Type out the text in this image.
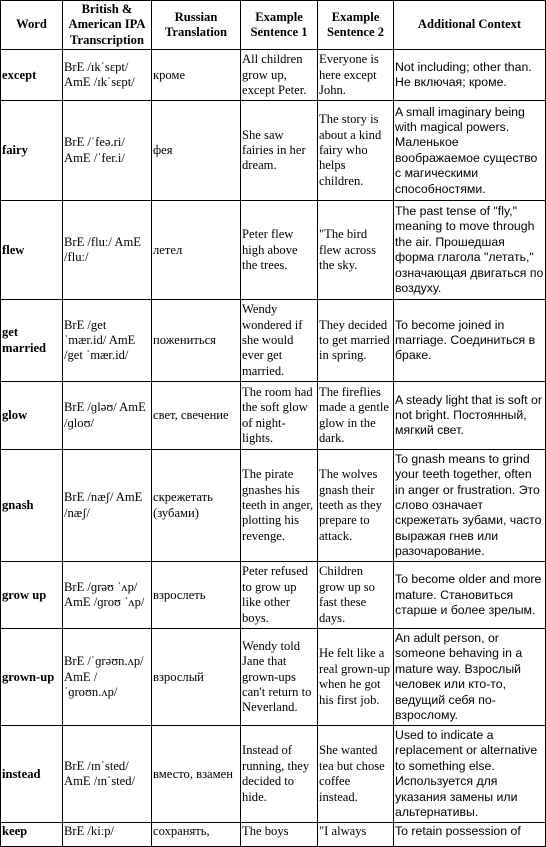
Word	British & American IPA Transcription	Russian Translation	Example Sentence 1	Example Sentence 2	Additional Context
except	BrE /ɪkˈsɛpt/ AmE /ɪkˈsɛpt/	кроме	All children grow up, except Peter.	Everyone is here except John.	Not including; other than. Не включая; кроме.
fairy	BrE /ˈfeə.ri/ AmE /ˈfer.i/	фея	She saw fairies in her dream.	The story is about a kind fairy who helps children.	A small imaginary being with magical powers. Маленькое воображаемое существо с магическими способностями.
flew	BrE /fluː/ AmE /fluː/	летел	Peter flew high above the trees.	"The bird flew across the sky.	The past tense of "fly," meaning to move through the air. Прошедшая форма глагола "летать," означающая двигаться по воздуху.
get married	BrE /get ˈmær.id/ AmE /get ˈmær.id/	пожениться	Wendy wondered if she would ever get married.	They decided to get married in spring.	To become joined in marriage. Соединиться в браке.
glow	BrE /ɡləʊ/ AmE /ɡloʊ/	свет, свечение	The room had the soft glow of night-lights.	The fireflies made a gentle glow in the dark.	A steady light that is soft or not bright. Постоянный, мягкий свет.
gnash	BrE /næʃ/ AmE /næʃ/	скрежетать (зубами)	The pirate gnashes his teeth in anger, plotting his revenge.	The wolves gnash their teeth as they prepare to attack.	To gnash means to grind your teeth together, often in anger or frustration. Это слово означает скрежетать зубами, часто выражая гнев или разочарование.
grow up	BrE /ɡrəʊ ˈʌp/ AmE /ɡroʊ ˈʌp/	взрослеть	Peter refused to grow up like other boys.	Children grow up so fast these days.	To become older and more mature. Становиться старше и более зрелым.
grown-up	BrE /ˈɡrəʊn.ʌp/ AmE /ˈɡroʊn.ʌp/	взрослый	Wendy told Jane that grown-ups can't return to Neverland.	He felt like a real grown-up when he got his first job.	An adult person, or someone behaving in a mature way. Взрослый человек или кто-то, ведущий себя по-взрослому.
instead	BrE /ɪnˈsted/ AmE /ɪnˈsted/	вместо, взамен	Instead of running, they decided to hide.	She wanted tea but chose coffee instead.	Used to indicate a replacement or alternative to something else. Используется для указания замены или альтернативы.
keep	BrE /kiːp/	сохранять,	The boys	"I always	To retain possession of
